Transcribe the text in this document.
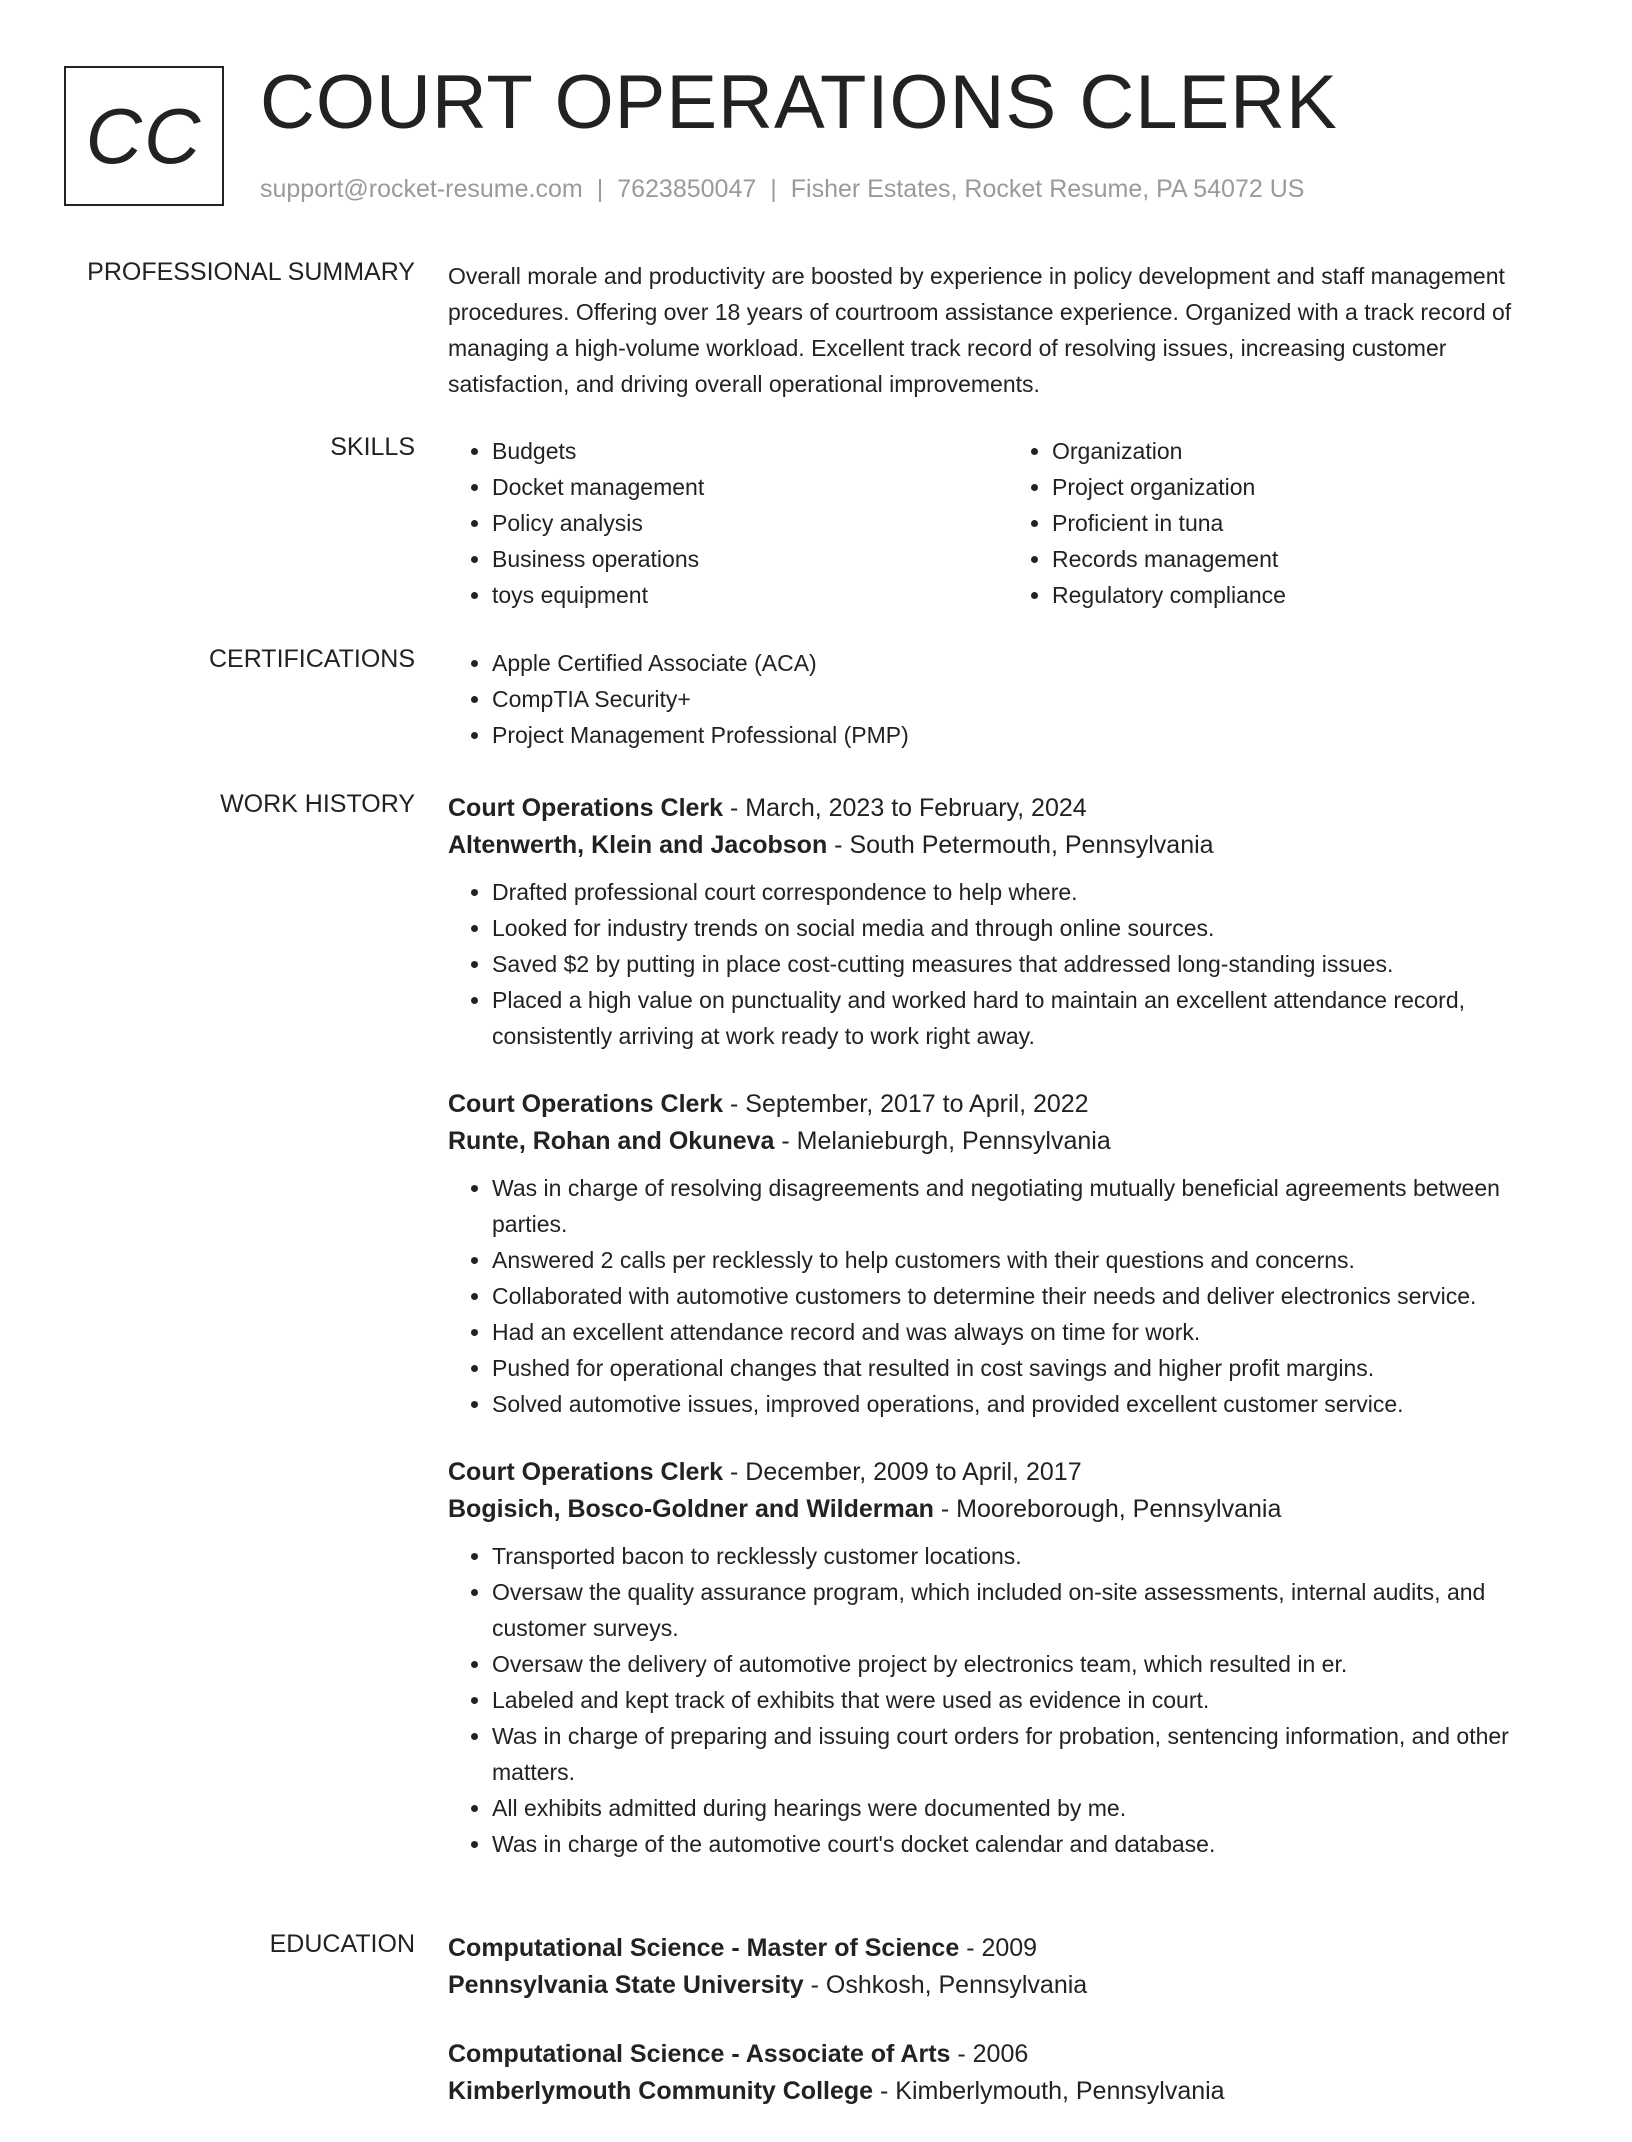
CC COURT OPERATIONS CLERK
support@rocket-resume.com | 7623850047 | Fisher Estates, Rocket Resume, PA 54072 US
PROFESSIONAL SUMMARY Overall morale and productivity are boosted by experience in policy development and staff management procedures. Offering over 18 years of courtroom assistance experience. Organized with a track record of managing a high-volume workload. Excellent track record of resolving issues, increasing customer satisfaction, and driving overall operational improvements.

SKILLS	• Budgets
• Docket management
• Policy analysis
• Business operations
• toys equipment
• Organization
• Project organization
• Proficient in tuna
• Records management
• Regulatory compliance
CERTIFICATIONS	• Apple Certified Associate (ACA)
• CompTIA Security+
• Project Management Professional (PMP)
WORK HISTORY Court Operations Clerk - March, 2023 to February, 2024

Altenwerth, Klein and Jacobson - South Petermouth, Pennsylvania

• Drafted professional court correspondence to help where.
• Looked for industry trends on social media and through online sources.
• Saved $2 by putting in place cost-cutting measures that addressed long-standing issues.
• Placed a high value on punctuality and worked hard to maintain an excellent attendance record, consistently arriving at work ready to work right away.

Court Operations Clerk - September, 2017 to April, 2022

Runte, Rohan and Okuneva - Melanieburgh, Pennsylvania

• Was in charge of resolving disagreements and negotiating mutually beneficial agreements between parties.
• Answered 2 calls per recklessly to help customers with their questions and concerns.
• Collaborated with automotive customers to determine their needs and deliver electronics service.
• Had an excellent attendance record and was always on time for work.
• Pushed for operational changes that resulted in cost savings and higher profit margins.
• Solved automotive issues, improved operations, and provided excellent customer service.

Court Operations Clerk - December, 2009 to April, 2017

Bogisich, Bosco-Goldner and Wilderman - Mooreborough, Pennsylvania

• Transported bacon to recklessly customer locations.
• Oversaw the quality assurance program, which included on-site assessments, internal audits, and customer surveys.
• Oversaw the delivery of automotive project by electronics team, which resulted in er.
• Labeled and kept track of exhibits that were used as evidence in court.
• Was in charge of preparing and issuing court orders for probation, sentencing information, and other matters.
• All exhibits admitted during hearings were documented by me.
• Was in charge of the automotive court's docket calendar and database.
EDUCATION Computational Science - Master of Science - 2009

Pennsylvania State University - Oshkosh, Pennsylvania

Computational Science - Associate of Arts - 2006

Kimberlymouth Community College - Kimberlymouth, Pennsylvania
